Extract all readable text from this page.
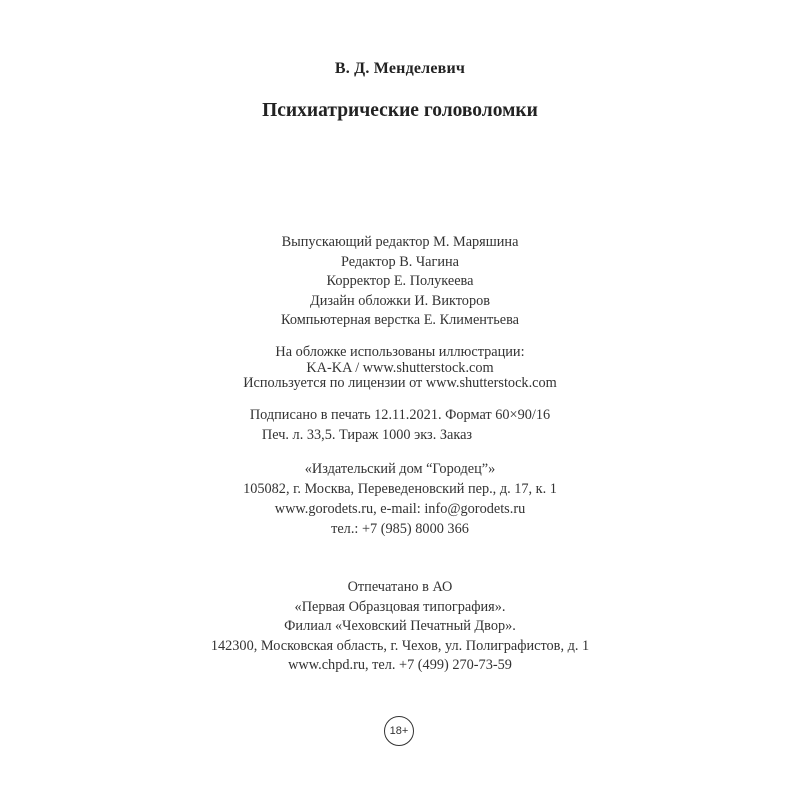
В. Д. Менделевич
Психиатрические головоломки
Выпускающий редактор М. Маряшина
Редактор В. Чагина
Корректор Е. Полукеева
Дизайн обложки И. Викторов
Компьютерная верстка Е. Климентьева
На обложке использованы иллюстрации:
KA-KA / www.shutterstock.com
Используется по лицензии от www.shutterstock.com
Подписано в печать 12.11.2021. Формат 60×90/16
Печ. л. 33,5. Тираж 1000 экз. Заказ
«Издательский дом “Городец”»
105082, г. Москва, Переведеновский пер., д. 17, к. 1
www.gorodets.ru, e-mail: info@gorodets.ru
тел.: +7 (985) 8000 366
Отпечатано в АО
«Первая Образцовая типография».
Филиал «Чеховский Печатный Двор».
142300, Московская область, г. Чехов, ул. Полиграфистов, д. 1
www.chpd.ru, тел. +7 (499) 270-73-59
18+
